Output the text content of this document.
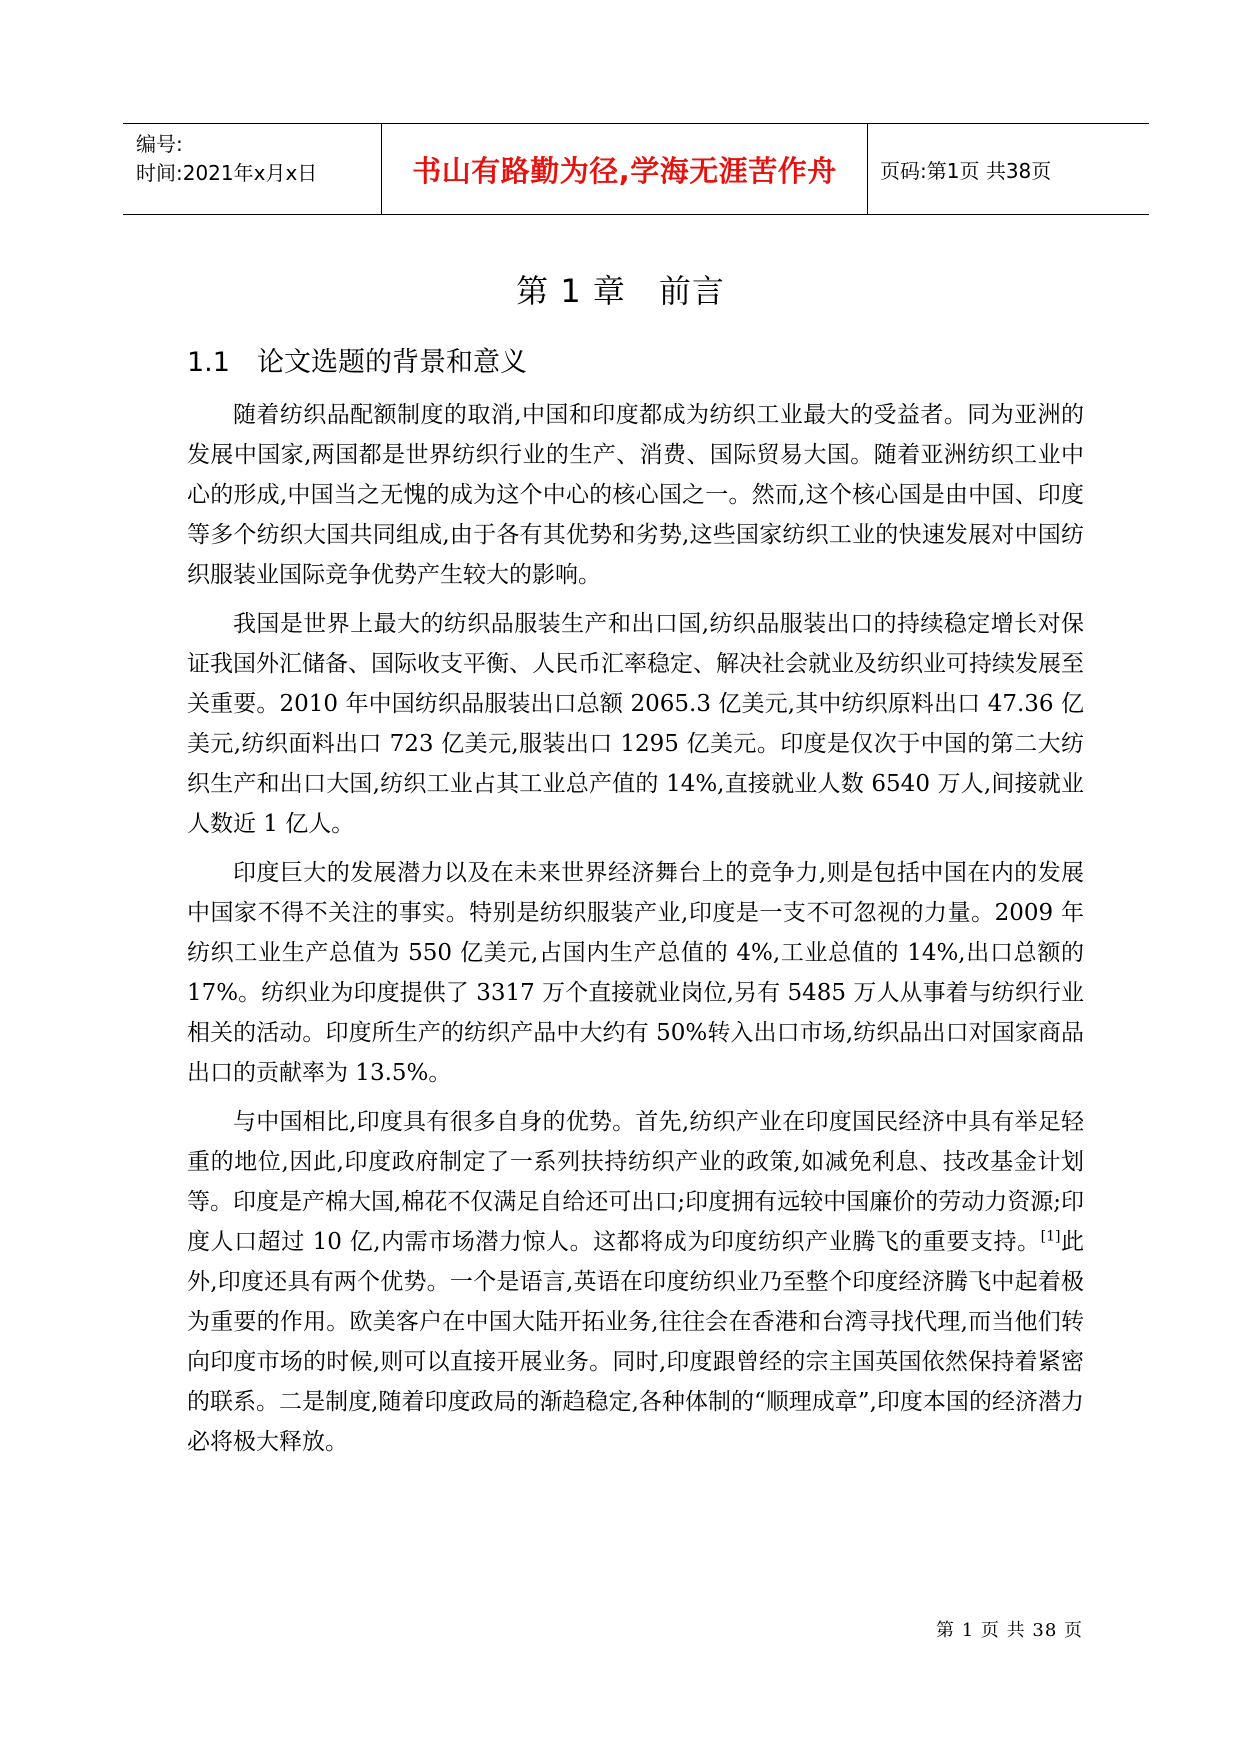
编号:
时间:2021年x月x日	书山有路勤为径,学海无涯苦作舟	页码:第1页 共38页
第 1 章　前言
1.1 论文选题的背景和意义

随着纺织品配额制度的取消,中国和印度都成为纺织工业最大的受益者。同为亚洲的发展中国家,两国都是世界纺织行业的生产、消费、国际贸易大国。随着亚洲纺织工业中心的形成,中国当之无愧的成为这个中心的核心国之一。然而,这个核心国是由中国、印度等多个纺织大国共同组成,由于各有其优势和劣势,这些国家纺织工业的快速发展对中国纺织服装业国际竞争优势产生较大的影响。

我国是世界上最大的纺织品服装生产和出口国,纺织品服装出口的持续稳定增长对保证我国外汇储备、国际收支平衡、人民币汇率稳定、解决社会就业及纺织业可持续发展至关重要。2010 年中国纺织品服装出口总额 2065.3 亿美元,其中纺织原料出口 47.36 亿美元,纺织面料出口 723 亿美元,服装出口 1295 亿美元。印度是仅次于中国的第二大纺织生产和出口大国,纺织工业占其工业总产值的 14%,直接就业人数 6540 万人,间接就业人数近 1 亿人。

印度巨大的发展潜力以及在未来世界经济舞台上的竞争力,则是包括中国在内的发展中国家不得不关注的事实。特别是纺织服装产业,印度是一支不可忽视的力量。2009 年纺织工业生产总值为 550 亿美元,占国内生产总值的 4%,工业总值的 14%,出口总额的 17%。纺织业为印度提供了 3317 万个直接就业岗位,另有 5485 万人从事着与纺织行业相关的活动。印度所生产的纺织产品中大约有 50%转入出口市场,纺织品出口对国家商品出口的贡献率为 13.5%。

与中国相比,印度具有很多自身的优势。首先,纺织产业在印度国民经济中具有举足轻重的地位,因此,印度政府制定了一系列扶持纺织产业的政策,如减免利息、技改基金计划等。印度是产棉大国,棉花不仅满足自给还可出口;印度拥有远较中国廉价的劳动力资源;印度人口超过 10 亿,内需市场潜力惊人。这都将成为印度纺织产业腾飞的重要支持。[1]此外,印度还具有两个优势。一个是语言,英语在印度纺织业乃至整个印度经济腾飞中起着极为重要的作用。欧美客户在中国大陆开拓业务,往往会在香港和台湾寻找代理,而当他们转向印度市场的时候,则可以直接开展业务。同时,印度跟曾经的宗主国英国依然保持着紧密的联系。二是制度,随着印度政局的渐趋稳定,各种体制的“顺理成章”,印度本国的经济潜力必将极大释放。

第 1 页 共 38 页
